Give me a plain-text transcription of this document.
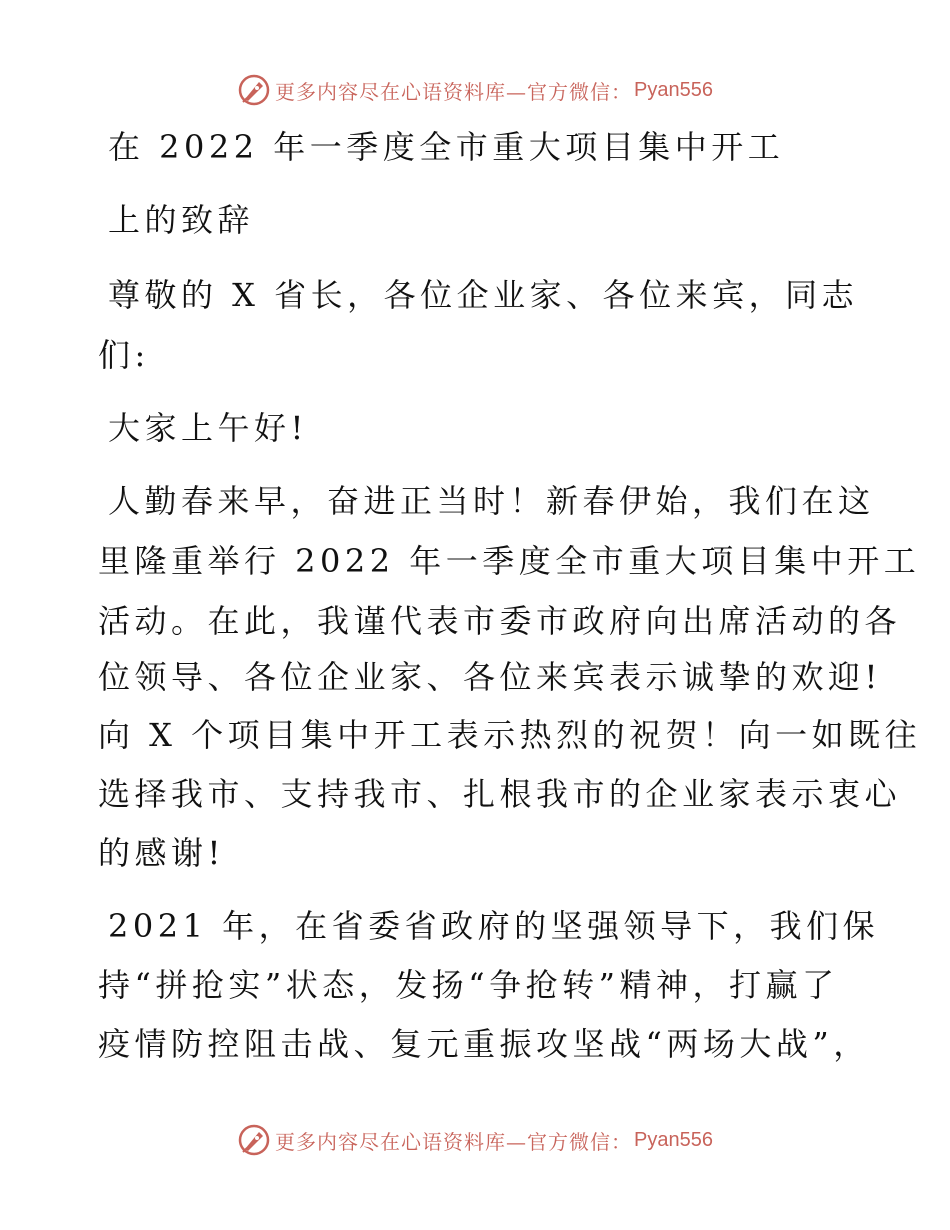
更多内容尽在心语资料库—官方微信： Pyan556
在 2022 年一季度全市重大项目集中开工
上的致辞
尊敬的 X 省长，各位企业家、各位来宾，同志
们:
大家上午好!
人勤春来早，奋进正当时！新春伊始，我们在这
里隆重举行 2022 年一季度全市重大项目集中开工
活动。在此，我谨代表市委市政府向出席活动的各
位领导、各位企业家、各位来宾表示诚挚的欢迎!
向 X 个项目集中开工表示热烈的祝贺！向一如既往
选择我市、支持我市、扎根我市的企业家表示衷心
的感谢!
2021 年，在省委省政府的坚强领导下，我们保
持“拼抢实”状态，发扬“争抢转”精神，打赢了
疫情防控阻击战、复元重振攻坚战“两场大战”，
更多内容尽在心语资料库—官方微信： Pyan556
